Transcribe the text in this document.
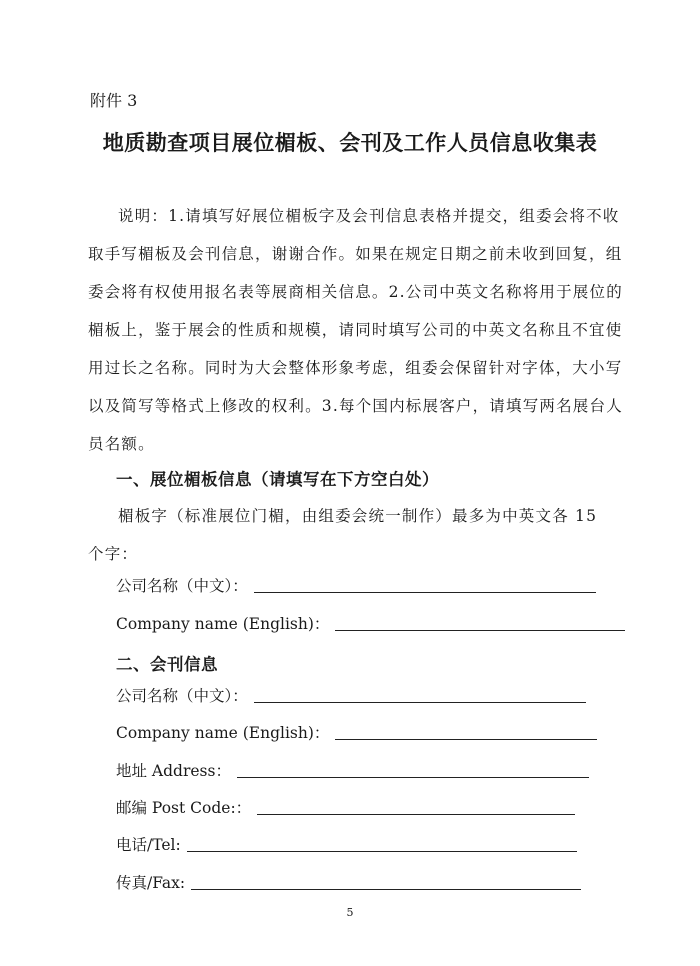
附件 3
地质勘查项目展位楣板、会刊及工作人员信息收集表
说明：1.请填写好展位楣板字及会刊信息表格并提交，组委会将不收
取手写楣板及会刊信息，谢谢合作。如果在规定日期之前未收到回复，组
委会将有权使用报名表等展商相关信息。2.公司中英文名称将用于展位的
楣板上，鉴于展会的性质和规模，请同时填写公司的中英文名称且不宜使
用过长之名称。同时为大会整体形象考虑，组委会保留针对字体，大小写
以及简写等格式上修改的权利。3.每个国内标展客户，请填写两名展台人
员名额。
一、展位楣板信息（请填写在下方空白处）
楣板字（标准展位门楣，由组委会统一制作）最多为中英文各 15
个字：
公司名称（中文）：
Company name (English)：
二、会刊信息
公司名称（中文）：
Company name (English)：
地址 Address：
邮编 Post Code:：
电话/Tel:
传真/Fax:
5
